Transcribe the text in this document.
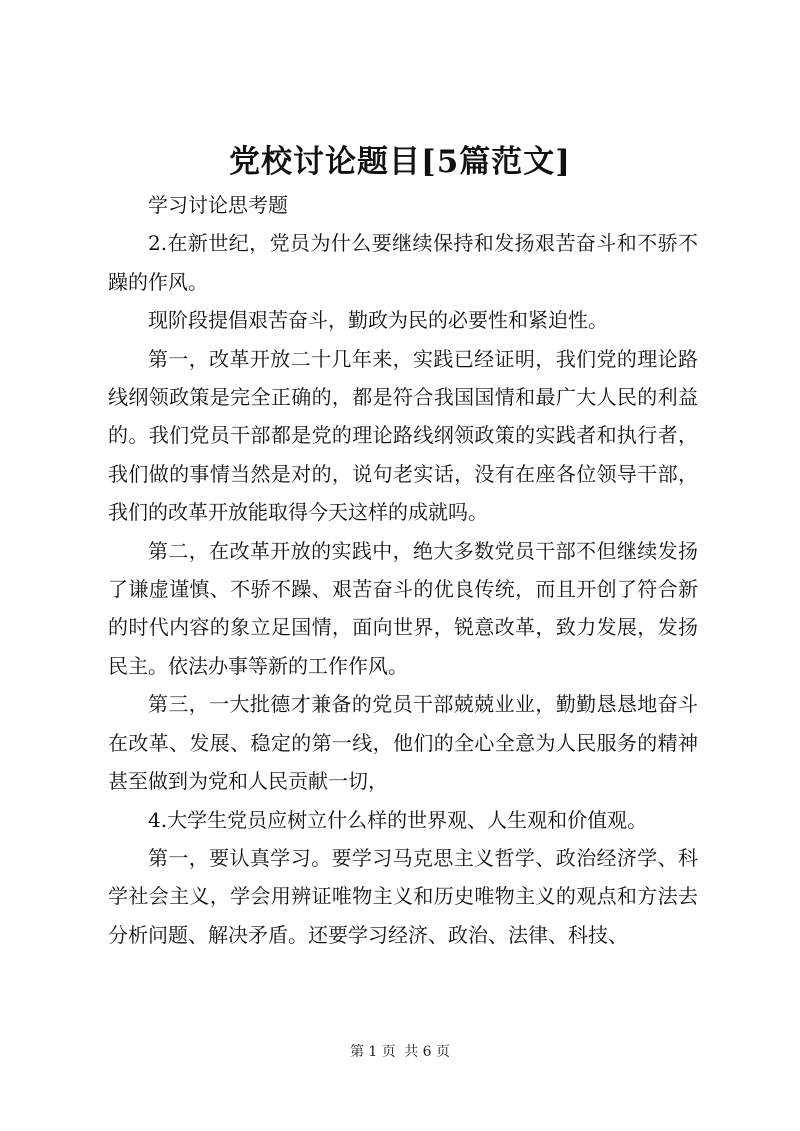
党校讨论题目[5篇范文]

学习讨论思考题

2.在新世纪，党员为什么要继续保持和发扬艰苦奋斗和不骄不躁的作风。

现阶段提倡艰苦奋斗，勤政为民的必要性和紧迫性。

第一，改革开放二十几年来，实践已经证明，我们党的理论路线纲领政策是完全正确的，都是符合我国国情和最广大人民的利益的。我们党员干部都是党的理论路线纲领政策的实践者和执行者，我们做的事情当然是对的，说句老实话，没有在座各位领导干部，我们的改革开放能取得今天这样的成就吗。

第二，在改革开放的实践中，绝大多数党员干部不但继续发扬了谦虚谨慎、不骄不躁、艰苦奋斗的优良传统，而且开创了符合新的时代内容的象立足国情，面向世界，锐意改革，致力发展，发扬民主。依法办事等新的工作作风。

第三，一大批德才兼备的党员干部兢兢业业，勤勤恳恳地奋斗在改革、发展、稳定的第一线，他们的全心全意为人民服务的精神甚至做到为党和人民贡献一切，

4.大学生党员应树立什么样的世界观、人生观和价值观。

第一，要认真学习。要学习马克思主义哲学、政治经济学、科学社会主义，学会用辨证唯物主义和历史唯物主义的观点和方法去分析问题、解决矛盾。还要学习经济、政治、法律、科技、

第 1 页 共 6 页
